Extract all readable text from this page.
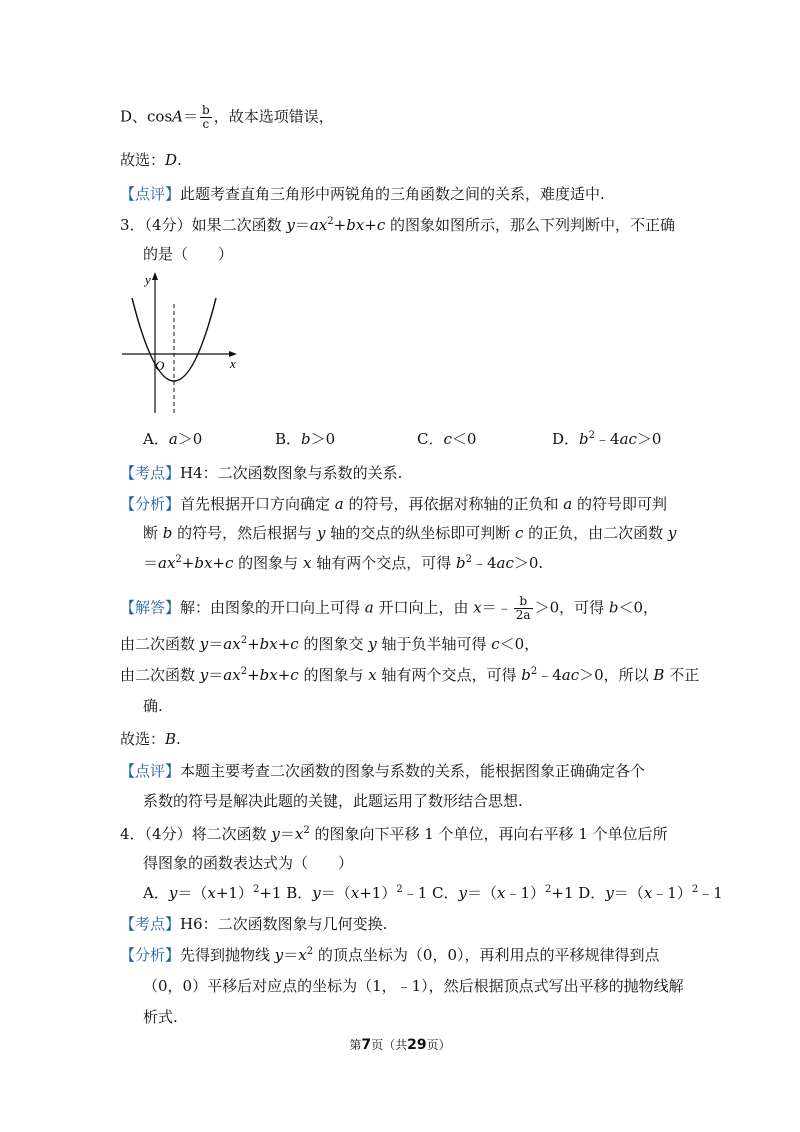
D、$\cos A= \frac{b}{c}$ ，故本选项错误，
故选：D.
【点评】此题考查直角三角形中两锐角的三角函数之间的关系，难度适中.
3．（4分）如果二次函数 $y=ax^2+bx+c$ 的图象如图所示，那么下列判断中，不正确
的是（　　）
y
x
O
A．a＞0	B．b＞0	C．c＜0	D．$b^2﹣4ac>0$
【考点】H4：二次函数图象与系数的关系.
【分析】首先根据开口方向确定 a 的符号，再依据对称轴的正负和 a 的符号即可判
断 b 的符号，然后根据与 y 轴的交点的纵坐标即可判断 c 的正负，由二次函数 y
$=ax^2+bx+c$ 的图象与 x 轴有两个交点，可得 $b^2﹣4ac>0$.
【解答】解：由图象的开口向上可得 a 开口向上，由 x＝﹣ $\frac{b}{2a} >0$，可得 b＜0，
由二次函数 $y=ax^2+bx+c$ 的图象交 y 轴于负半轴可得 c＜0，
由二次函数 $y=ax^2+bx+c$ 的图象与 x 轴有两个交点，可得 $b^2﹣4ac>0$，所以 B 不正
确.
故选：B.
【点评】本题主要考查二次函数的图象与系数的关系，能根据图象正确确定各个
系数的符号是解决此题的关键，此题运用了数形结合思想.
4．（4分）将二次函数 $y=x^2$ 的图象向下平移 1 个单位，再向右平移 1 个单位后所
得图象的函数表达式为（　　）
A．$y=(x+1)^2+1$ B．$y=(x+1)^2﹣1$ C．y＝（x﹣1）$^2$+1 D．y＝（x﹣1）$^2$﹣1
【考点】H6：二次函数图象与几何变换.
【分析】先得到抛物线 $y=x^2$ 的顶点坐标为（0，0），再利用点的平移规律得到点
（0，0）平移后对应点的坐标为（1，﹣1），然后根据顶点式写出平移的抛物线解
析式.
第7页（共29页）
